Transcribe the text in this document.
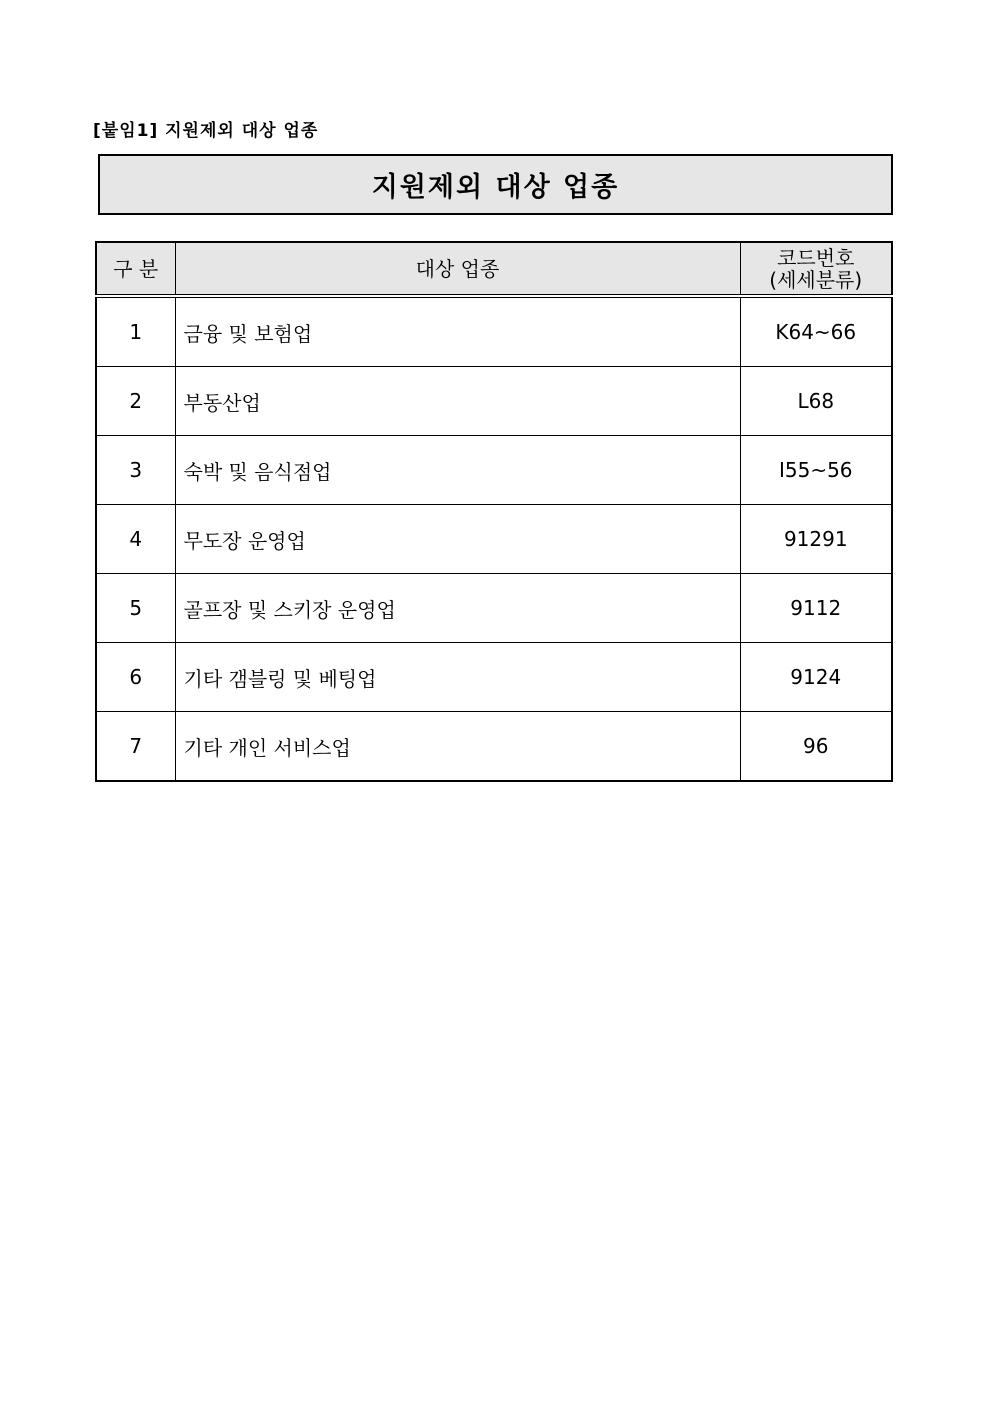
[붙임1] 지원제외 대상 업종
지원제외 대상 업종
구 분	대상 업종	코드번호
(세세분류)

1	금융 및 보험업	K64~66
2	부동산업	L68
3	숙박 및 음식점업	I55~56
4	무도장 운영업	91291
5	골프장 및 스키장 운영업	9112
6	기타 갬블링 및 베팅업	9124
7	기타 개인 서비스업	96
